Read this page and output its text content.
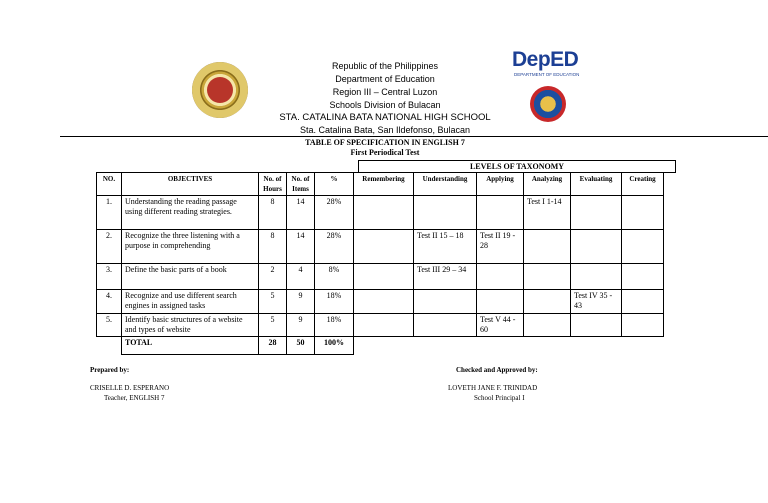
Republic of the Philippines
Department of Education
Region III – Central Luzon
Schools Division of Bulacan
STA. CATALINA BATA NATIONAL HIGH SCHOOL
Sta. Catalina Bata, San Ildefonso, Bulacan
DepED
DEPARTMENT OF EDUCATION
TABLE OF SPECIFICATION IN ENGLISH 7
First Periodical Test
LEVELS OF TAXONOMY
NO.	OBJECTIVES	No. of Hours	No. of Items	%	Remembering	Understanding	Applying	Analyzing	Evaluating	Creating
1.	Understanding the reading passage using different reading strategies.	8	14	28%				Test I 1-14		
2.	Recognize the three listening with a purpose in comprehending	8	14	28%		Test II 15 – 18	Test II 19 - 28			
3.	Define the basic parts of a book	2	4	8%		Test III 29 – 34				
4.	Recognize and use different search engines in assigned tasks	5	9	18%					Test IV 35 - 43	
5.	Identify basic structures of a website and types of website	5	9	18%			Test V 44 - 60			
	TOTAL	28	50	100%						
Prepared by:
CRISELLE D. ESPERANO
Teacher, ENGLISH 7
Checked and Approved by:
LOVETH JANE F. TRINIDAD
School Principal I
